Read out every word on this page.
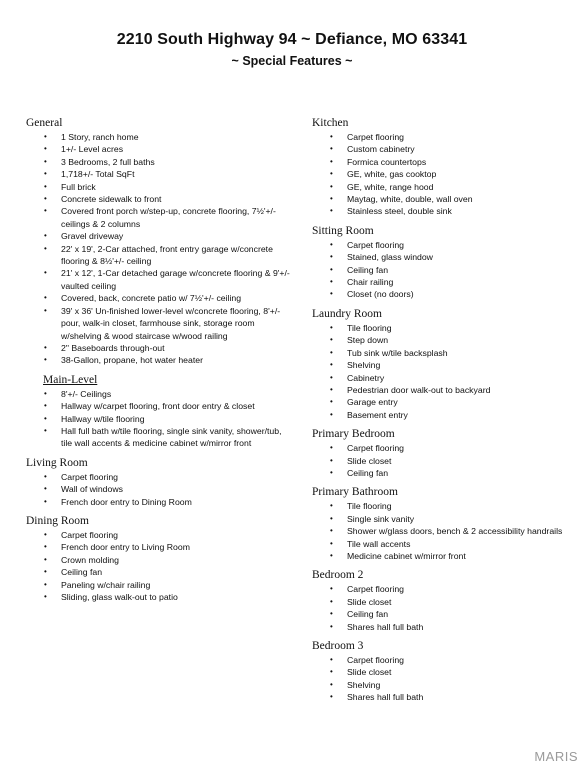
2210 South Highway 94 ~ Defiance, MO 63341
~ Special Features ~
General
• 1 Story, ranch home
• 1+/- Level acres
• 3 Bedrooms, 2 full baths
• 1,718+/- Total SqFt
• Full brick
• Concrete sidewalk to front
• Covered front porch w/step-up, concrete flooring, 7½'+/- ceilings & 2 columns
• Gravel driveway
• 22' x 19', 2-Car attached, front entry garage w/concrete flooring & 8½'+/- ceiling
• 21' x 12', 1-Car detached garage w/concrete flooring & 9'+/- vaulted ceiling
• Covered, back, concrete patio w/ 7½'+/- ceiling
• 39' x 36' Un-finished lower-level w/concrete flooring, 8'+/- pour, walk-in closet, farmhouse sink, storage room w/shelving & wood staircase w/wood railing
• 2" Baseboards through-out
• 38-Gallon, propane, hot water heater
Main-Level
• 8'+/- Ceilings
• Hallway w/carpet flooring, front door entry & closet
• Hallway w/tile flooring
• Hall full bath w/tile flooring, single sink vanity, shower/tub, tile wall accents & medicine cabinet w/mirror front
Living Room
• Carpet flooring
• Wall of windows
• French door entry to Dining Room
Dining Room
• Carpet flooring
• French door entry to Living Room
• Crown molding
• Ceiling fan
• Paneling w/chair railing
• Sliding, glass walk-out to patio
Kitchen
• Carpet flooring
• Custom cabinetry
• Formica countertops
• GE, white, gas cooktop
• GE, white, range hood
• Maytag, white, double, wall oven
• Stainless steel, double sink
Sitting Room
• Carpet flooring
• Stained, glass window
• Ceiling fan
• Chair railing
• Closet (no doors)
Laundry Room
• Tile flooring
• Step down
• Tub sink w/tile backsplash
• Shelving
• Cabinetry
• Pedestrian door walk-out to backyard
• Garage entry
• Basement entry
Primary Bedroom
• Carpet flooring
• Slide closet
• Ceiling fan
Primary Bathroom
• Tile flooring
• Single sink vanity
• Shower w/glass doors, bench & 2 accessibility handrails
• Tile wall accents
• Medicine cabinet w/mirror front
Bedroom 2
• Carpet flooring
• Slide closet
• Ceiling fan
• Shares hall full bath
Bedroom 3
• Carpet flooring
• Slide closet
• Shelving
• Shares hall full bath
MARIS
